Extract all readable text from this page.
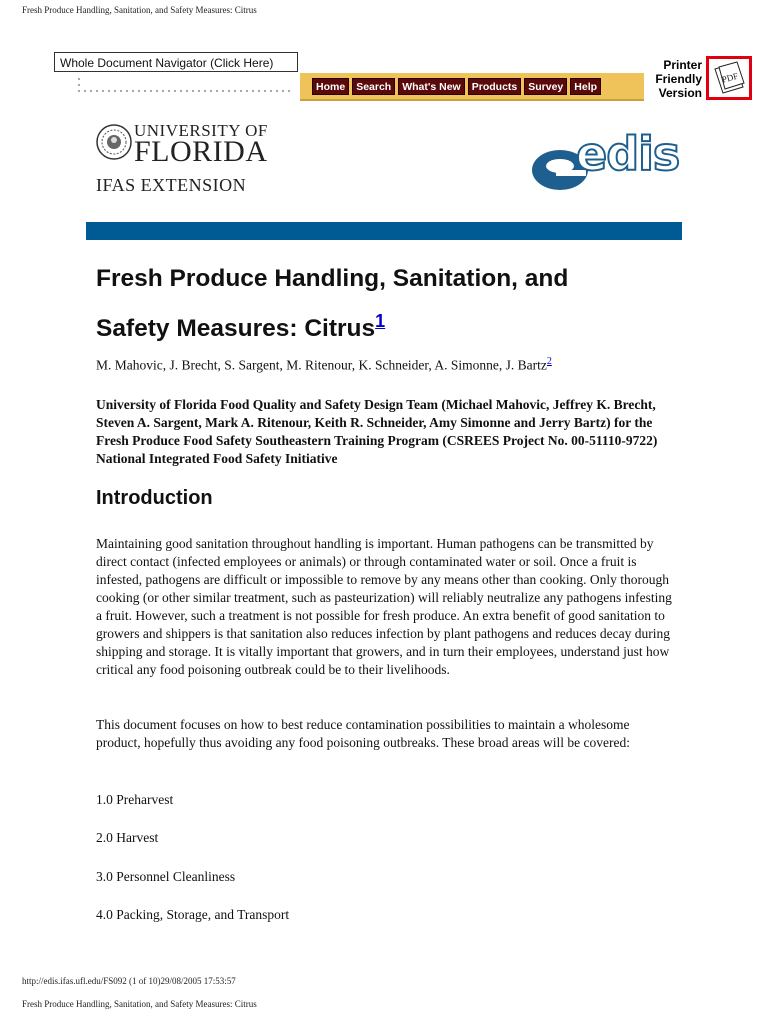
Fresh Produce Handling, Sanitation, and Safety Measures: Citrus
Whole Document Navigator (Click Here)
Home	Search	What's New	Products	Survey	Help
Printer
Friendly
Version
PDF
UNIVERSITY OF
FLORIDA
IFAS EXTENSION
edis
Fresh Produce Handling, Sanitation, and
Safety Measures: Citrus$^1$
M. Mahovic, J. Brecht, S. Sargent, M. Ritenour, K. Schneider, A. Simonne, J. Bartz$^2$
University of Florida Food Quality and Safety Design Team (Michael Mahovic, Jeffrey K. Brecht, Steven A. Sargent, Mark A. Ritenour, Keith R. Schneider, Amy Simonne and Jerry Bartz) for the Fresh Produce Food Safety Southeastern Training Program (CSREES Project No. 00-51110-9722) National Integrated Food Safety Initiative
Introduction
Maintaining good sanitation throughout handling is important. Human pathogens can be transmitted by direct contact (infected employees or animals) or through contaminated water or soil. Once a fruit is infested, pathogens are difficult or impossible to remove by any means other than cooking. Only thorough cooking (or other similar treatment, such as pasteurization) will reliably neutralize any pathogens infesting a fruit. However, such a treatment is not possible for fresh produce. An extra benefit of good sanitation to growers and shippers is that sanitation also reduces infection by plant pathogens and reduces decay during shipping and storage. It is vitally important that growers, and in turn their employees, understand just how critical any food poisoning outbreak could be to their livelihoods.
This document focuses on how to best reduce contamination possibilities to maintain a wholesome product, hopefully thus avoiding any food poisoning outbreaks. These broad areas will be covered:
1.0 Preharvest
2.0 Harvest
3.0 Personnel Cleanliness
4.0 Packing, Storage, and Transport
http://edis.ifas.ufl.edu/FS092 (1 of 10)29/08/2005 17:53:57
Fresh Produce Handling, Sanitation, and Safety Measures: Citrus
